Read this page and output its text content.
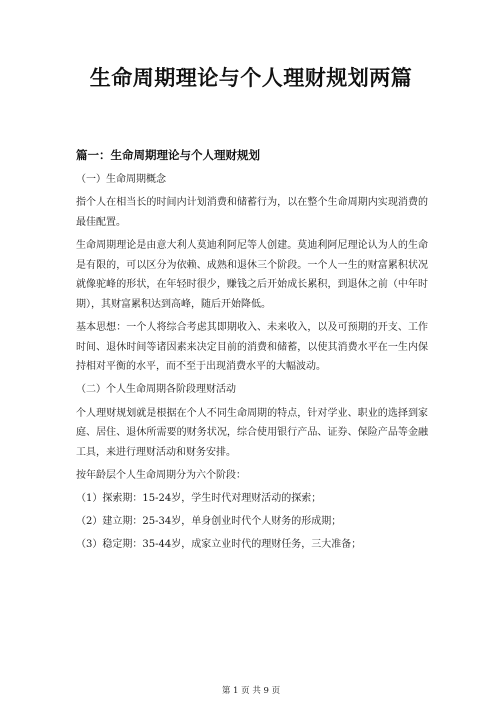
生命周期理论与个人理财规划两篇
篇一：生命周期理论与个人理财规划

（一）生命周期概念

指个人在相当长的时间内计划消费和储蓄行为，以在整个生命周期内实现消费的最佳配置。

生命周期理论是由意大利人莫迪利阿尼等人创建。莫迪利阿尼理论认为人的生命是有限的，可以区分为依赖、成熟和退休三个阶段。一个人一生的财富累积状况就像驼峰的形状，在年轻时很少，赚钱之后开始成长累积，到退休之前（中年时期），其财富累积达到高峰，随后开始降低。

基本思想：一个人将综合考虑其即期收入、未来收入，以及可预期的开支、工作时间、退休时间等诸因素来决定目前的消费和储蓄，以使其消费水平在一生内保持相对平衡的水平，而不至于出现消费水平的大幅波动。

（二）个人生命周期各阶段理财活动

个人理财规划就是根据在个人不同生命周期的特点，针对学业、职业的选择到家庭、居住、退休所需要的财务状况，综合使用银行产品、证券、保险产品等金融工具，来进行理财活动和财务安排。

按年龄层个人生命周期分为六个阶段：

（1）探索期：15-24岁，学生时代对理财活动的探索；

（2）建立期：25-34岁，单身创业时代个人财务的形成期；

（3）稳定期：35-44岁，成家立业时代的理财任务，三大准备；

第 1 页 共 9 页
